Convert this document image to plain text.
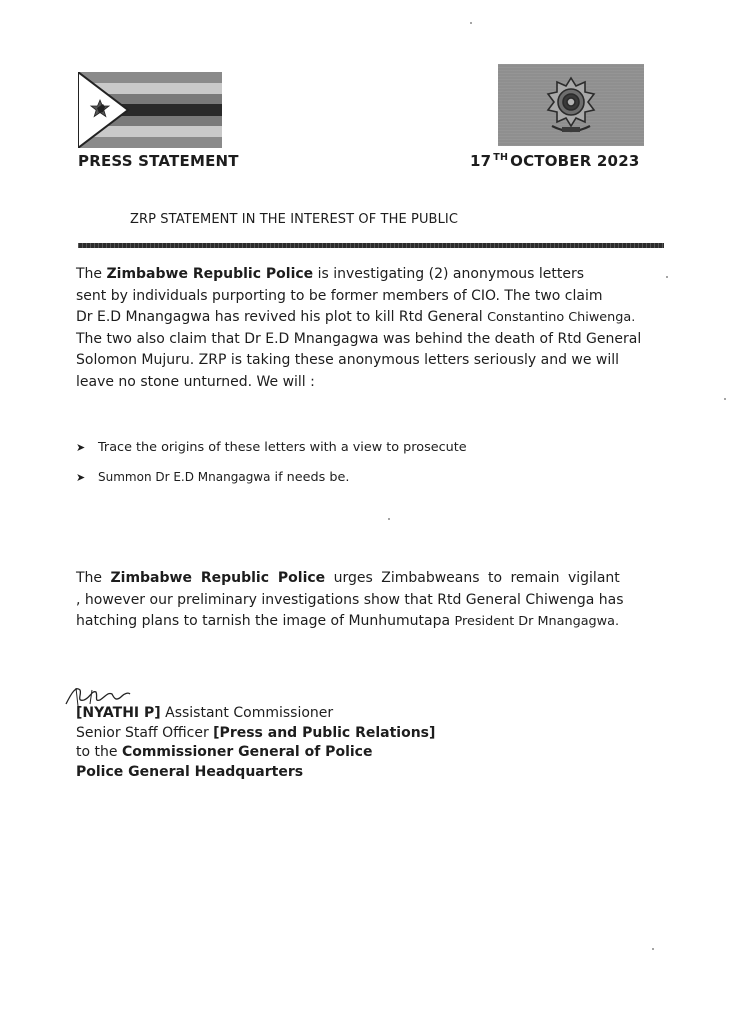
PRESS STATEMENT	17 $^{TH}$ OCTOBER 2023
ZRP STATEMENT IN THE INTEREST OF THE PUBLIC
The Zimbabwe Republic Police is investigating (2) anonymous letters
sent by individuals purporting to be former members of CIO. The two claim
Dr E.D Mnangagwa has revived his plot to kill Rtd General Constantino Chiwenga.
The two also claim that Dr E.D Mnangagwa was behind the death of Rtd General
Solomon Mujuru. ZRP is taking these anonymous letters seriously and we will
leave no stone unturned. We will :
➤ Trace the origins of these letters with a view to prosecute
➤ Summon Dr E.D Mnangagwa if needs be.
The Zimbabwe Republic Police urges Zimbabweans to remain vigilant
, however our preliminary investigations show that Rtd General Chiwenga has
hatching plans to tarnish the image of Munhumutapa President Dr Mnangagwa.
[NYATHI P] Assistant Commissioner
Senior Staff Officer [Press and Public Relations]
to the Commissioner General of Police
Police General Headquarters
